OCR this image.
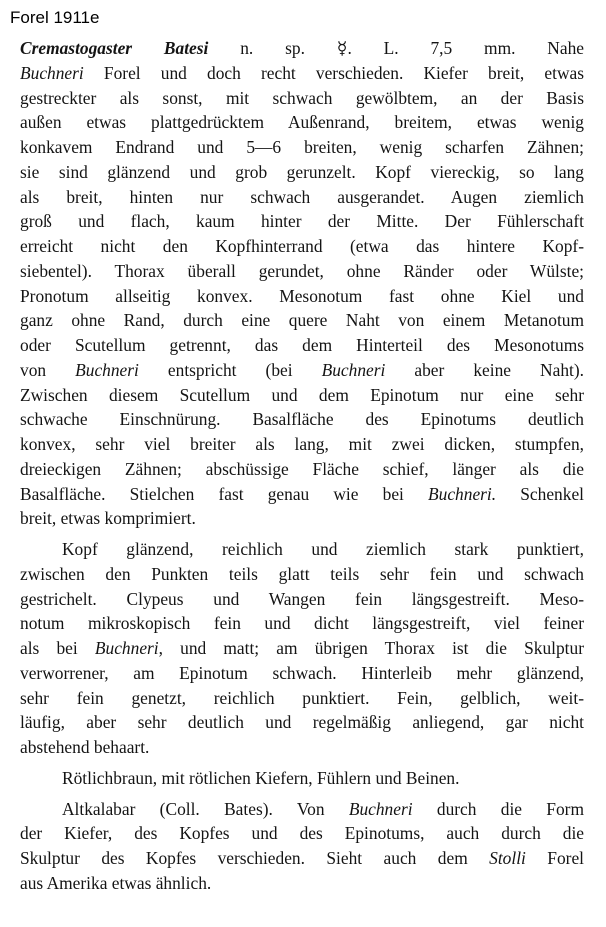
Forel 1911e
Cremastogaster Batesi n. sp. ☿. L. 7,5 mm. Nahe
Buchneri Forel und doch recht verschieden. Kiefer breit, etwas
gestreckter als sonst, mit schwach gewölbtem, an der Basis
außen etwas plattgedrücktem Außenrand, breitem, etwas wenig
konkavem Endrand und 5—6 breiten, wenig scharfen Zähnen;
sie sind glänzend und grob gerunzelt. Kopf viereckig, so lang
als breit, hinten nur schwach ausgerandet. Augen ziemlich
groß und flach, kaum hinter der Mitte. Der Fühlerschaft
erreicht nicht den Kopfhinterrand (etwa das hintere Kopf-
siebentel). Thorax überall gerundet, ohne Ränder oder Wülste;
Pronotum allseitig konvex. Mesonotum fast ohne Kiel und
ganz ohne Rand, durch eine quere Naht von einem Metanotum
oder Scutellum getrennt, das dem Hinterteil des Mesonotums
von Buchneri entspricht (bei Buchneri aber keine Naht).
Zwischen diesem Scutellum und dem Epinotum nur eine sehr
schwache Einschnürung. Basalfläche des Epinotums deutlich
konvex, sehr viel breiter als lang, mit zwei dicken, stumpfen,
dreieckigen Zähnen; abschüssige Fläche schief, länger als die
Basalfläche. Stielchen fast genau wie bei Buchneri. Schenkel
breit, etwas komprimiert.
Kopf glänzend, reichlich und ziemlich stark punktiert,
zwischen den Punkten teils glatt teils sehr fein und schwach
gestrichelt. Clypeus und Wangen fein längsgestreift. Meso-
notum mikroskopisch fein und dicht längsgestreift, viel feiner
als bei Buchneri, und matt; am übrigen Thorax ist die Skulptur
verworrener, am Epinotum schwach. Hinterleib mehr glänzend,
sehr fein genetzt, reichlich punktiert. Fein, gelblich, weit-
läufig, aber sehr deutlich und regelmäßig anliegend, gar nicht
abstehend behaart.
Rötlichbraun, mit rötlichen Kiefern, Fühlern und Beinen.
Altkalabar (Coll. Bates). Von Buchneri durch die Form
der Kiefer, des Kopfes und des Epinotums, auch durch die
Skulptur des Kopfes verschieden. Sieht auch dem Stolli Forel
aus Amerika etwas ähnlich.
